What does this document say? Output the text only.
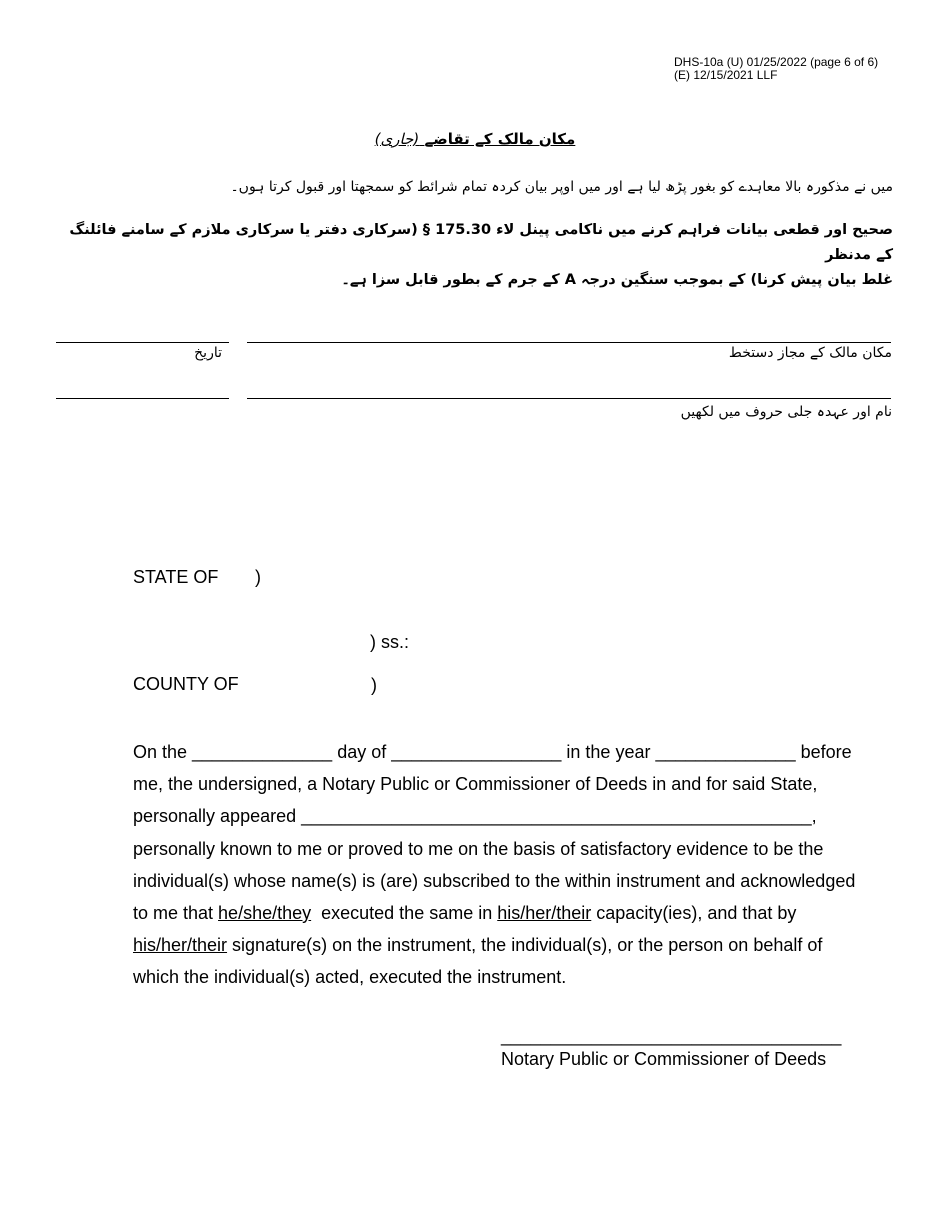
DHS-10a (U) 01/25/2022 (page 6 of 6)
(E) 12/15/2021 LLF
مکان مالک کے تقاضے (جاری)
میں نے مذکورہ بالا معاہدے کو بغور پڑھ لیا ہے اور میں اوپر بیان کردہ تمام شرائط کو سمجھتا اور قبول کرتا ہوں۔
صحیح اور قطعی بیانات فراہم کرنے میں ناکامی پینل لاء 175.30 § (سرکاری دفتر یا سرکاری ملازم کے سامنے فائلنگ کے مدنظر
غلط بیان پیش کرنا) کے بموجب سنگین درجہ A کے جرم کے بطور قابل سزا ہے۔
مکان مالک کے مجاز دستخط
تاریخ
نام اور عہدہ جلی حروف میں لکھیں
STATE OF )
) ss.:
COUNTY OF	)
On the ______________ day of _________________ in the year ______________ before
me, the undersigned, a Notary Public or Commissioner of Deeds in and for said State,
personally appeared ___________________________________________________,
personally known to me or proved to me on the basis of satisfactory evidence to be the
individual(s) whose name(s) is (are) subscribed to the within instrument and acknowledged
to me that he/she/they  executed the same in his/her/their capacity(ies), and that by
his/her/their signature(s) on the instrument, the individual(s), or the person on behalf of
which the individual(s) acted, executed the instrument.
__________________________________
Notary Public or Commissioner of Deeds
